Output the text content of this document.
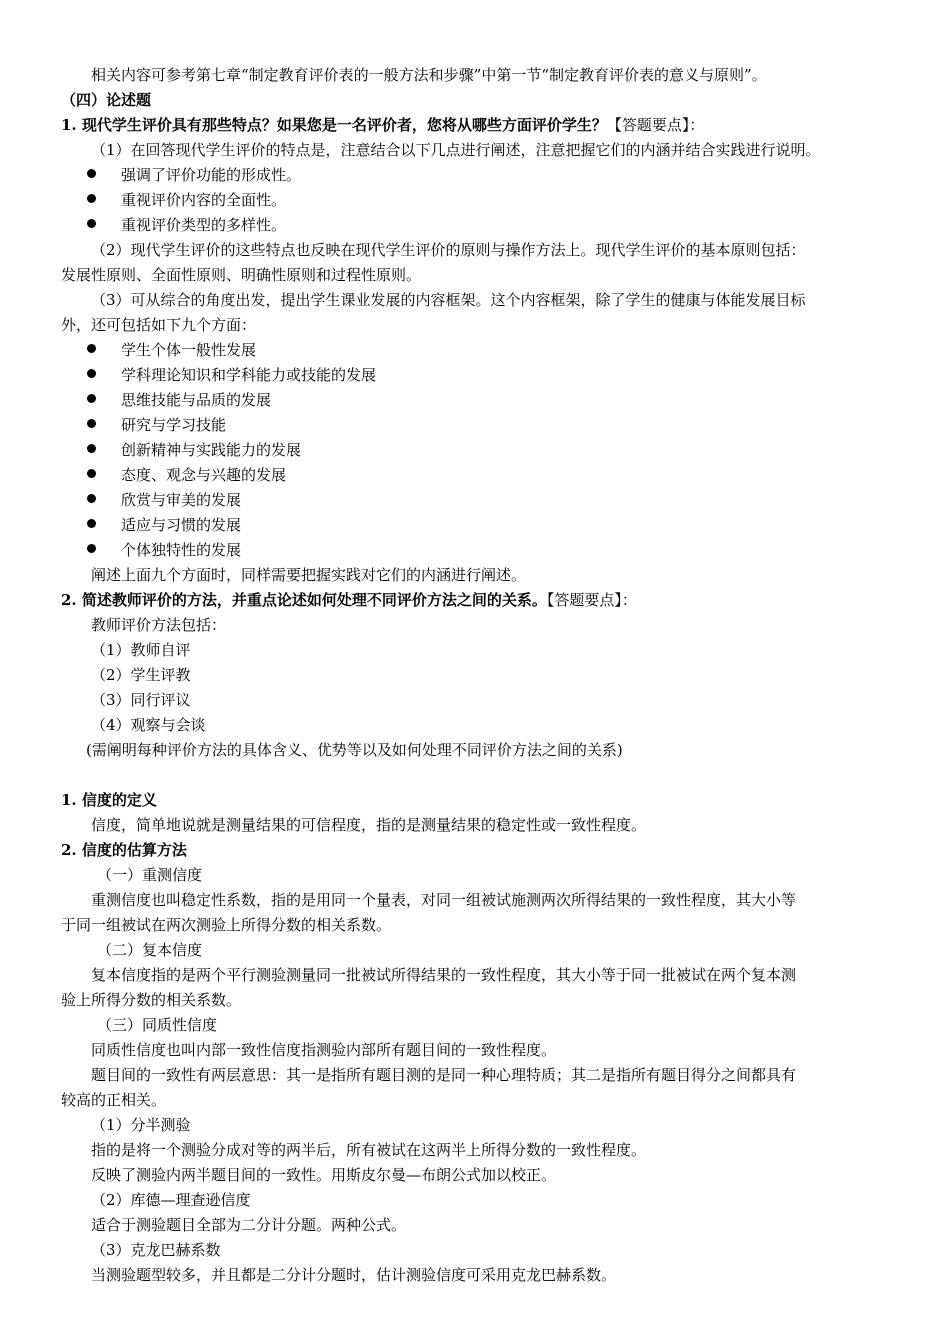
相关内容可参考第七章“制定教育评价表的一般方法和步骤”中第一节“制定教育评价表的意义与原则”。
（四）论述题
1. 现代学生评价具有那些特点？如果您是一名评价者，您将从哪些方面评价学生？【答题要点】：
（1）在回答现代学生评价的特点是，注意结合以下几点进行阐述，注意把握它们的内涵并结合实践进行说明。
强调了评价功能的形成性。
重视评价内容的全面性。
重视评价类型的多样性。
（2）现代学生评价的这些特点也反映在现代学生评价的原则与操作方法上。现代学生评价的基本原则包括：
发展性原则、全面性原则、明确性原则和过程性原则。
（3）可从综合的角度出发，提出学生课业发展的内容框架。这个内容框架，除了学生的健康与体能发展目标
外，还可包括如下九个方面：
学生个体一般性发展
学科理论知识和学科能力或技能的发展
思维技能与品质的发展
研究与学习技能
创新精神与实践能力的发展
态度、观念与兴趣的发展
欣赏与审美的发展
适应与习惯的发展
个体独特性的发展
阐述上面九个方面时，同样需要把握实践对它们的内涵进行阐述。
2. 简述教师评价的方法，并重点论述如何处理不同评价方法之间的关系。【答题要点】：
教师评价方法包括：
（1）教师自评
（2）学生评教
（3）同行评议
（4）观察与会谈
(需阐明每种评价方法的具体含义、优势等以及如何处理不同评价方法之间的关系)
1. 信度的定义
信度，简单地说就是测量结果的可信程度，指的是测量结果的稳定性或一致性程度。
2. 信度的估算方法
（一）重测信度
重测信度也叫稳定性系数，指的是用同一个量表，对同一组被试施测两次所得结果的一致性程度，其大小等
于同一组被试在两次测验上所得分数的相关系数。
（二）复本信度
复本信度指的是两个平行测验测量同一批被试所得结果的一致性程度，其大小等于同一批被试在两个复本测
验上所得分数的相关系数。
（三）同质性信度
同质性信度也叫内部一致性信度指测验内部所有题目间的一致性程度。
题目间的一致性有两层意思：其一是指所有题目测的是同一种心理特质；其二是指所有题目得分之间都具有
较高的正相关。
（1）分半测验
指的是将一个测验分成对等的两半后，所有被试在这两半上所得分数的一致性程度。
反映了测验内两半题目间的一致性。用斯皮尔曼—布朗公式加以校正。
（2）库德—理查逊信度
适合于测验题目全部为二分计分题。两种公式。
（3）克龙巴赫系数
当测验题型较多，并且都是二分计分题时，估计测验信度可采用克龙巴赫系数。
